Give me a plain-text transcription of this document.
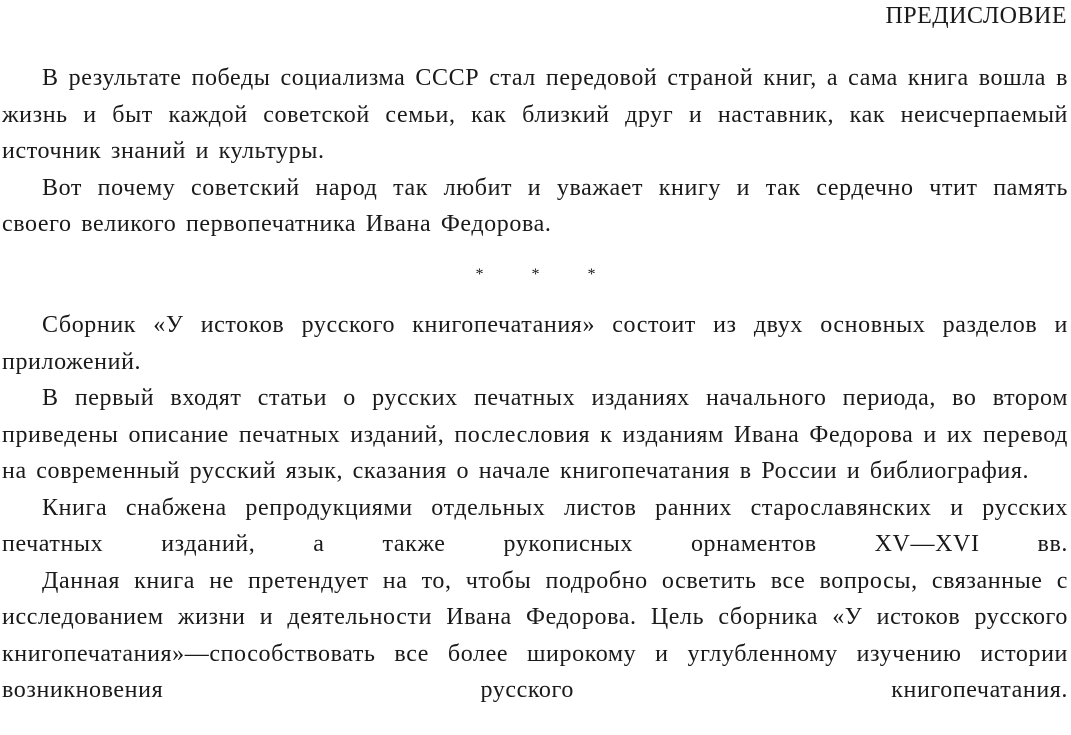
ПРЕДИСЛОВИЕ

В результате победы социализма СССР стал передовой страной книг, а сама книга вошла в жизнь и быт каждой советской семьи, как близкий друг и наставник, как неисчерпаемый источник знаний и культуры.

Вот почему советский народ так любит и уважает книгу и так сердечно чтит память своего великого первопечатника Ивана Федорова.

* * *

Сборник «У истоков русского книгопечатания» состоит из двух основных разделов и приложений.

В первый входят статьи о русских печатных изданиях начального периода, во втором приведены описание печатных изданий, послесловия к изданиям Ивана Федорова и их перевод на современный русский язык, сказания о начале книгопечатания в России и библиография.

Книга снабжена репродукциями отдельных листов ранних старославянских и русских печатных изданий, а также рукописных орнаментов XV—XVI вв.

Данная книга не претендует на то, чтобы подробно осветить все вопросы, связанные с исследованием жизни и деятельности Ивана Федорова. Цель сборника «У истоков русского книгопечатания»—способствовать все более широкому и углубленному изучению истории возникновения русского книгопечатания.
